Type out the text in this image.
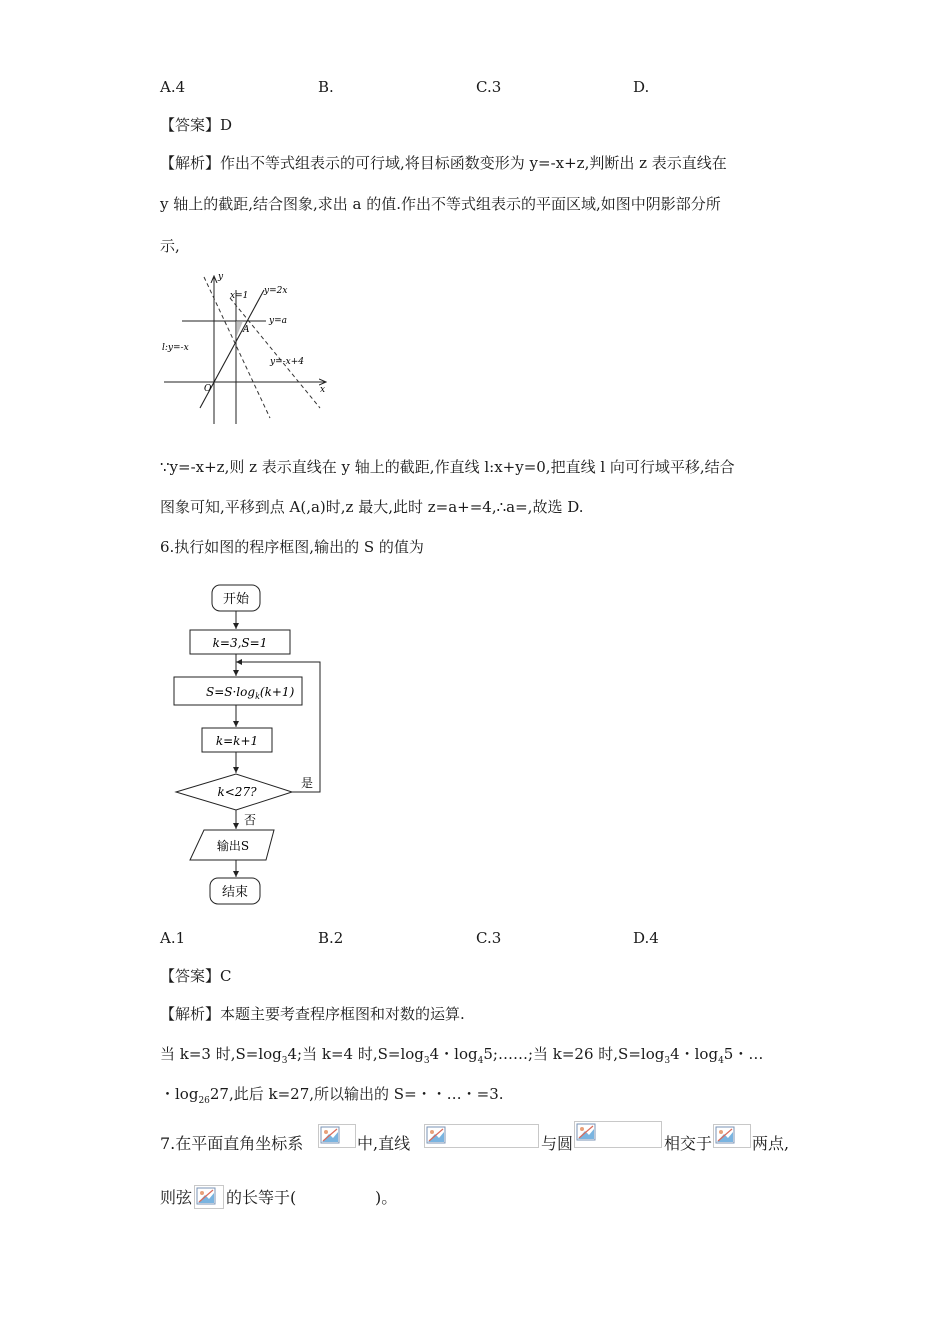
A.4	B.	C.3	D.
【答案】D
【解析】作出不等式组表示的可行域,将目标函数变形为 y=-x+z,判断出 z 表示直线在
y 轴上的截距,结合图象,求出 a 的值.作出不等式组表示的平面区域,如图中阴影部分所
示,
y
x
O
x=1 y=2x
y=a
A
l:y=-x
y=-x+4
∵y=-x+z,则 z 表示直线在 y 轴上的截距,作直线 l:x+y=0,把直线 l 向可行域平移,结合
图象可知,平移到点 A(,a)时,z 最大,此时 z=a+=4,∴a=,故选 D.
6.执行如图的程序框图,输出的 S 的值为
开始
k=3,S=1
$S=S\cdot\log_k(k+1)$
k=k+1
k<27?
是
否
输出S
结束
A.1	B.2	C.3	D.4
【答案】C
【解析】本题主要考查程序框图和对数的运算.
当 k=3 时$,S=\log_34$;当 k=4 时$,S=\log_34$・$\log_45;\dots\dots$;当 k=26 时$,S=\log_34$・$\log_45$・…
・$\log_{26}27$,此后 k=27,所以输出的 S=・・…・=3.
7.在平面直角坐标系	中,直线	与圆	相交于 两点,
则弦 的长等于(	)。
